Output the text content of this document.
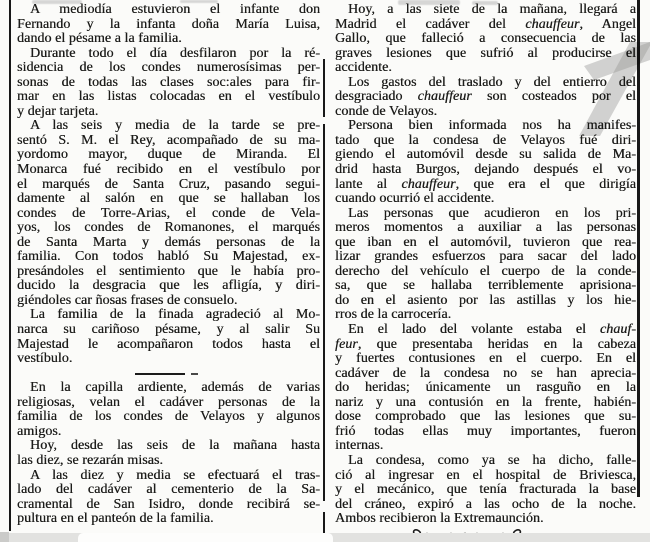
A mediodía estuvieron el infante don
Fernando y la infanta doña María Luisa,
dando el pésame a la familia.
Durante todo el día desfilaron por la ré-
sidencia de los condes numerosísimas per-
sonas de todas las clases soc:ales para fir-
mar en las listas colocadas en el vestíbulo
y dejar tarjeta.
A las seis y media de la tarde se pre-
sentó S. M. el Rey, acompañado de su ma-
yordomo mayor, duque de Miranda. El
Monarca fué recibido en el vestíbulo por
el marqués de Santa Cruz, pasando segui-
damente al salón en que se hallaban los
condes de Torre-Arias, el conde de Vela-
yos, los condes de Romanones, el marqués
de Santa Marta y demás personas de la
familia. Con todos habló Su Majestad, ex-
presándoles el sentimiento que le había pro-
ducido la desgracia que les afligía, y diri-
giéndoles car ñosas frases de consuelo.
La familia de la finada agradeció al Mo-
narca su cariñoso pésame, y al salir Su
Majestad le acompañaron todos hasta el
vestíbulo.
En la capilla ardiente, además de varias
religiosas, velan el cadáver personas de la
familia de los condes de Velayos y algunos
amigos.
Hoy, desde las seis de la mañana hasta
las diez, se rezarán misas.
A las diez y media se efectuará el tras-
lado del cadáver al cementerio de la Sa-
cramental de San Isidro, donde recibirá se-
pultura en el panteón de la familia.
Hoy, a las siete de la mañana, llegará a
Madrid el cadáver del chauffeur, Angel
Gallo, que falleció a consecuencia de las
graves lesiones que sufrió al producirse el
accidente.
Los gastos del traslado y del entierro del
desgraciado chauffeur son costeados por el
conde de Velayos.
Persona bien informada nos ha manifes-
tado que la condesa de Velayos fué diri-
giendo el automóvil desde su salida de Ma-
drid hasta Burgos, dejando después el vo-
lante al chauffeur, que era el que dirigía
cuando ocurrió el accidente.
Las personas que acudieron en los pri-
meros momentos a auxiliar a las personas
que iban en el automóvil, tuvieron que rea-
lizar grandes esfuerzos para sacar del lado
derecho del vehículo el cuerpo de la conde-
sa, que se hallaba terriblemente aprisiona-
do en el asiento por las astillas y los hie-
rros de la carrocería.
En el lado del volante estaba el chauf-
feur, que presentaba heridas en la cabeza
y fuertes contusiones en el cuerpo. En el
cadáver de la condesa no se han aprecia-
do heridas; únicamente un rasguño en la
nariz y una contusión en la frente, habién-
dose comprobado que las lesiones que su-
frió todas ellas muy importantes, fueron
internas.
La condesa, como ya se ha dicho, falle-
ció al ingresar en el hospital de Briviesca,
y el mecánico, que tenía fracturada la base
del cráneo, expiró a las ocho de la noche.
Ambos recibieron la Extremaunción.
